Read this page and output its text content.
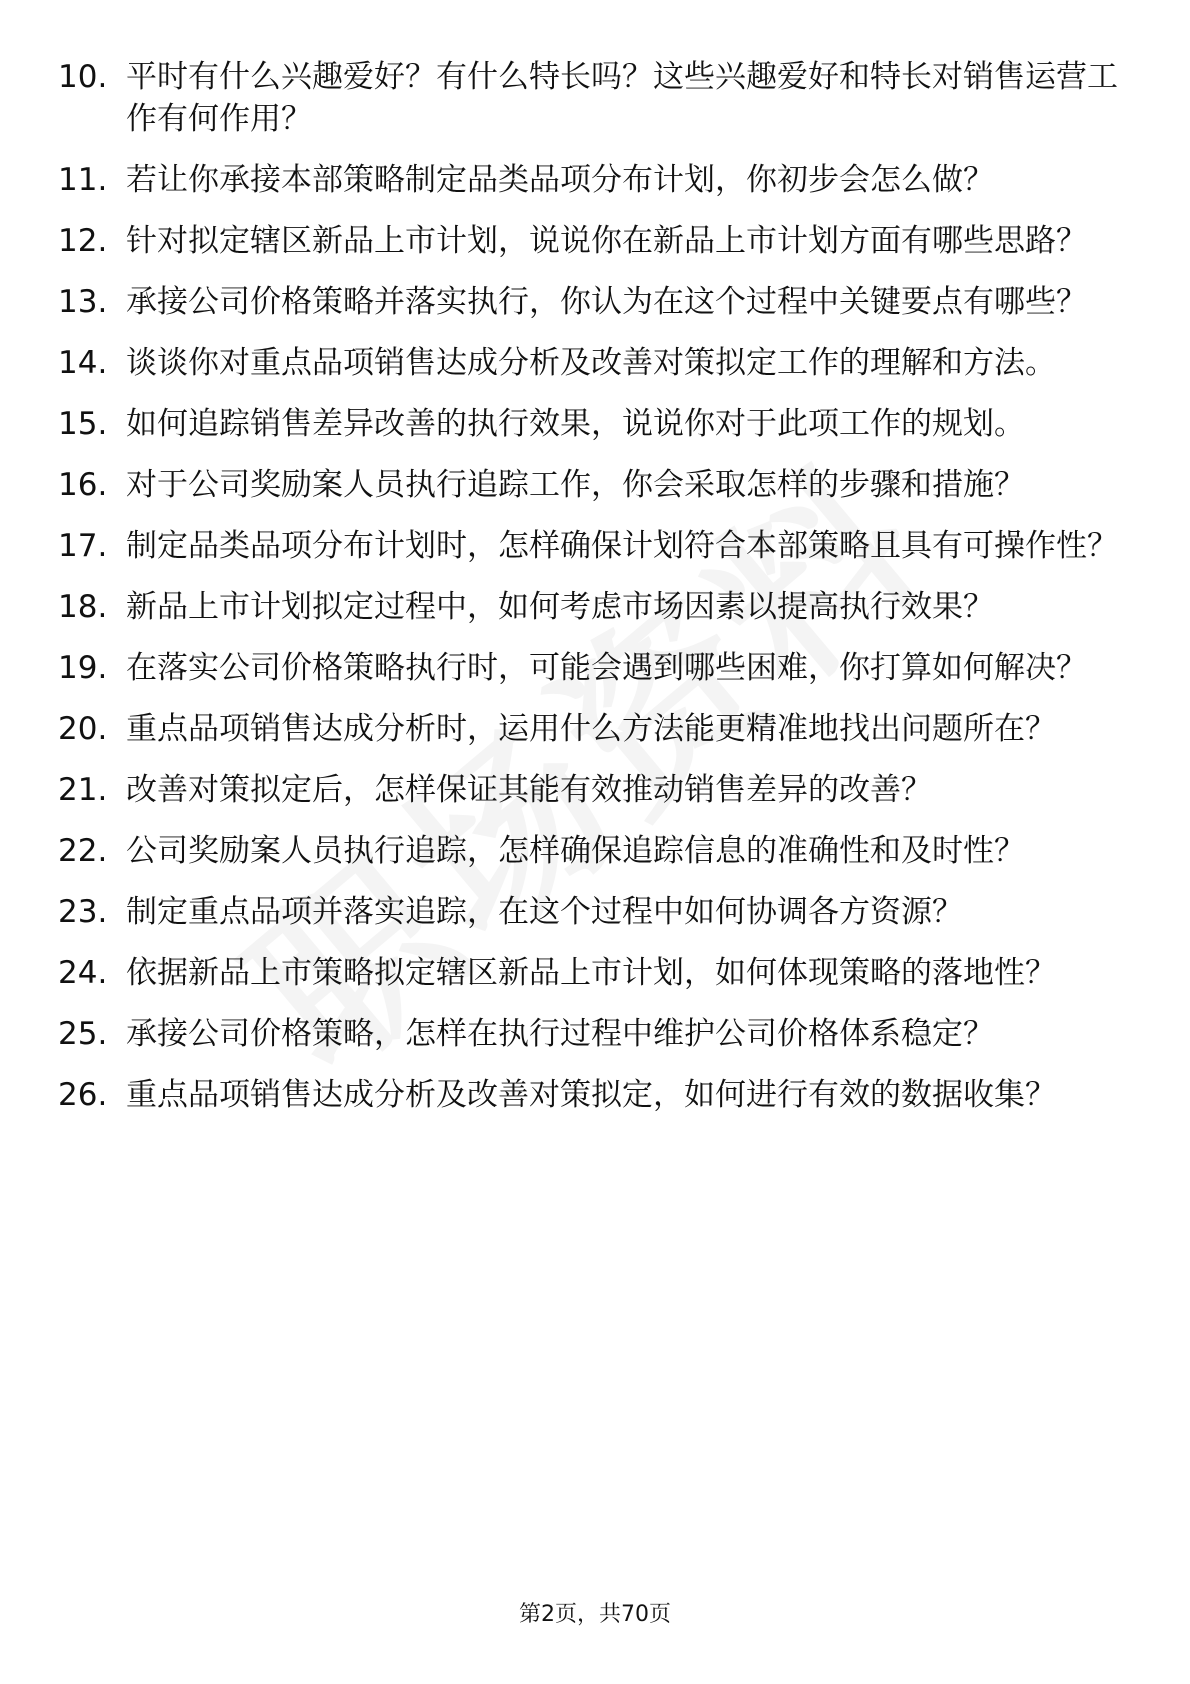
10. 平时有什么兴趣爱好？有什么特长吗？这些兴趣爱好和特长对销售运营工作有何作用？
11. 若让你承接本部策略制定品类品项分布计划，你初步会怎么做？
12. 针对拟定辖区新品上市计划，说说你在新品上市计划方面有哪些思路？
13. 承接公司价格策略并落实执行，你认为在这个过程中关键要点有哪些？
14. 谈谈你对重点品项销售达成分析及改善对策拟定工作的理解和方法。
15. 如何追踪销售差异改善的执行效果，说说你对于此项工作的规划。
16. 对于公司奖励案人员执行追踪工作，你会采取怎样的步骤和措施？
17. 制定品类品项分布计划时，怎样确保计划符合本部策略且具有可操作性？
18. 新品上市计划拟定过程中，如何考虑市场因素以提高执行效果？
19. 在落实公司价格策略执行时，可能会遇到哪些困难，你打算如何解决？
20. 重点品项销售达成分析时，运用什么方法能更精准地找出问题所在？
21. 改善对策拟定后，怎样保证其能有效推动销售差异的改善？
22. 公司奖励案人员执行追踪，怎样确保追踪信息的准确性和及时性？
23. 制定重点品项并落实追踪，在这个过程中如何协调各方资源？
24. 依据新品上市策略拟定辖区新品上市计划，如何体现策略的落地性？
25. 承接公司价格策略，怎样在执行过程中维护公司价格体系稳定？
26. 重点品项销售达成分析及改善对策拟定，如何进行有效的数据收集？
第2页，共70页
